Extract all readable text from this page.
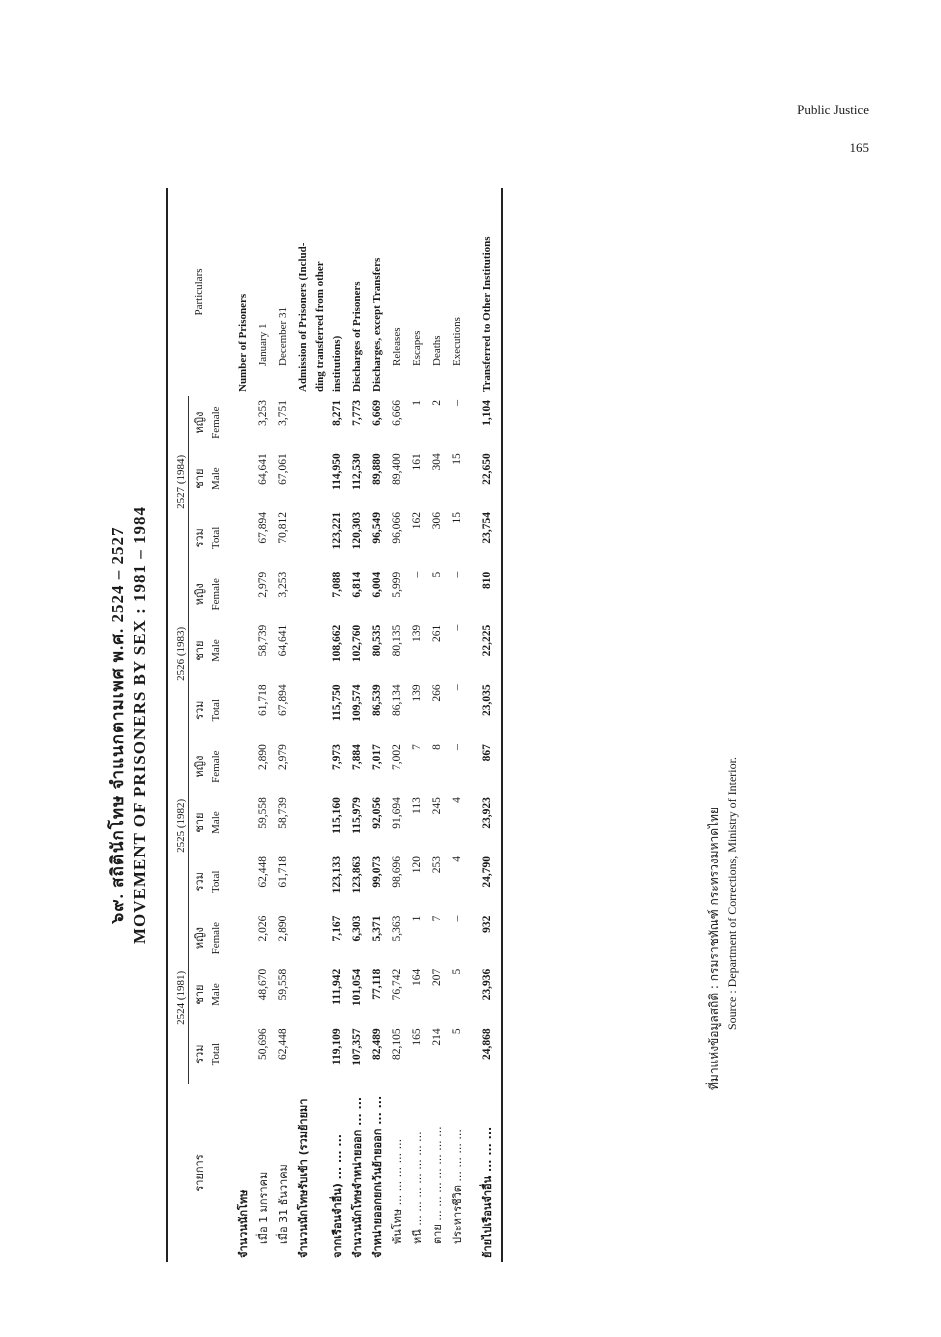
Public Justice
165
๖๙. สถิตินักโทษ จำแนกตามเพศ พ.ศ. 2524 – 2527 MOVEMENT OF PRISONERS BY SEX : 1981 – 1984

รายการ	2524 (1981)			2525 (1982)			2526 (1983)			2527 (1984)			Particulars
	รวม	ชาย	หญิง	รวม	ชาย	หญิง	รวม	ชาย	หญิง	รวม	ชาย	หญิง	
	Total	Male	Female	Total	Male	Female	Total	Male	Female	Total	Male	Female	

จำนวนนักโทษ													Number of Prisoners
เมื่อ 1 มกราคม	50,696	48,670	2,026	62,448	59,558	2,890	61,718	58,739	2,979	67,894	64,641	3,253	January 1
เมื่อ 31 ธันวาคม	62,448	59,558	2,890	61,718	58,739	2,979	67,894	64,641	3,253	70,812	67,061	3,751	December 31
จำนวนนักโทษรับเข้า (รวมย้ายมา													Admission of Prisoners (Includ-
													ding transferred from other
จากเรือนจำอื่น) ... ... ...	119,109	111,942	7,167	123,133	115,160	7,973	115,750	108,662	7,088	123,221	114,950	8,271	institutions)
จำนวนนักโทษจำหน่ายออก ... ...	107,357	101,054	6,303	123,863	115,979	7,884	109,574	102,760	6,814	120,303	112,530	7,773	Discharges of Prisoners
จำหน่ายออกยกเว้นย้ายออก ... ...	82,489	77,118	5,371	99,073	92,056	7,017	86,539	80,535	6,004	96,549	89,880	6,669	Discharges, except Transfers
พ้นโทษ ... ... ... ... ...	82,105	76,742	5,363	98,696	91,694	7,002	86,134	80,135	5,999	96,066	89,400	6,666	Releases
หนี ... ... ... ... ... ... ...	165	164	1	120	113	7	139	139	–	162	161	1	Escapes
ตาย ... ... ... ... ... ... ...	214	207	7	253	245	8	266	261	5	306	304	2	Deaths
ประหารชีวิต ... ... ... ...	5	5	–	4	4	–	–	–	–	15	15	–	Executions

ย้ายไปเรือนจำอื่น ... ... ...	24,868	23,936	932	24,790	23,923	867	23,035	22,225	810	23,754	22,650	1,104	Transferred to Other Institutions

ที่มาแห่งข้อมูลสถิติ : กรมราชทัณฑ์ กระทรวงมหาดไทย Source : Department of Corrections, Ministry of Interior.
